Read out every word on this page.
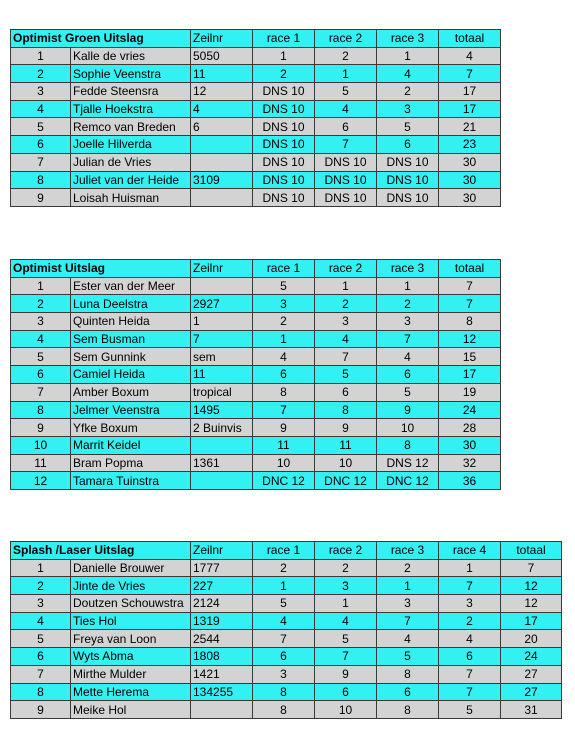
Optimist Groen Uitslag		Zeilnr	race 1	race 2	race 3	totaal
1	Kalle de vries	5050	1	2	1	4
2	Sophie Veenstra	11	2	1	4	7
3	Fedde Steensra	12	DNS 10	5	2	17
4	Tjalle Hoekstra	4	DNS 10	4	3	17
5	Remco van Breden	6	DNS 10	6	5	21
6	Joelle Hilverda		DNS 10	7	6	23
7	Julian de Vries		DNS 10	DNS 10	DNS 10	30
8	Juliet van der Heide	3109	DNS 10	DNS 10	DNS 10	30
9	Loisah Huisman		DNS 10	DNS 10	DNS 10	30
Optimist Uitslag		Zeilnr	race 1	race 2	race 3	totaal
1	Ester van der Meer		5	1	1	7
2	Luna Deelstra	2927	3	2	2	7
3	Quinten Heida	1	2	3	3	8
4	Sem Busman	7	1	4	7	12
5	Sem Gunnink	sem	4	7	4	15
6	Camiel Heida	11	6	5	6	17
7	Amber Boxum	tropical	8	6	5	19
8	Jelmer Veenstra	1495	7	8	9	24
9	Yfke Boxum	2 Buinvis	9	9	10	28
10	Marrit Keidel		11	11	8	30
11	Bram Popma	1361	10	10	DNS 12	32
12	Tamara Tuinstra		DNC 12	DNC 12	DNC 12	36
Splash /Laser Uitslag		Zeilnr	race 1	race 2	race 3	race 4	totaal
1	Danielle Brouwer	1777	2	2	2	1	7
2	Jinte de Vries	227	1	3	1	7	12
3	Doutzen Schouwstra	2124	5	1	3	3	12
4	Ties Hol	1319	4	4	7	2	17
5	Freya van Loon	2544	7	5	4	4	20
6	Wyts Abma	1808	6	7	5	6	24
7	Mirthe Mulder	1421	3	9	8	7	27
8	Mette Herema	134255	8	6	6	7	27
9	Meike Hol		8	10	8	5	31
